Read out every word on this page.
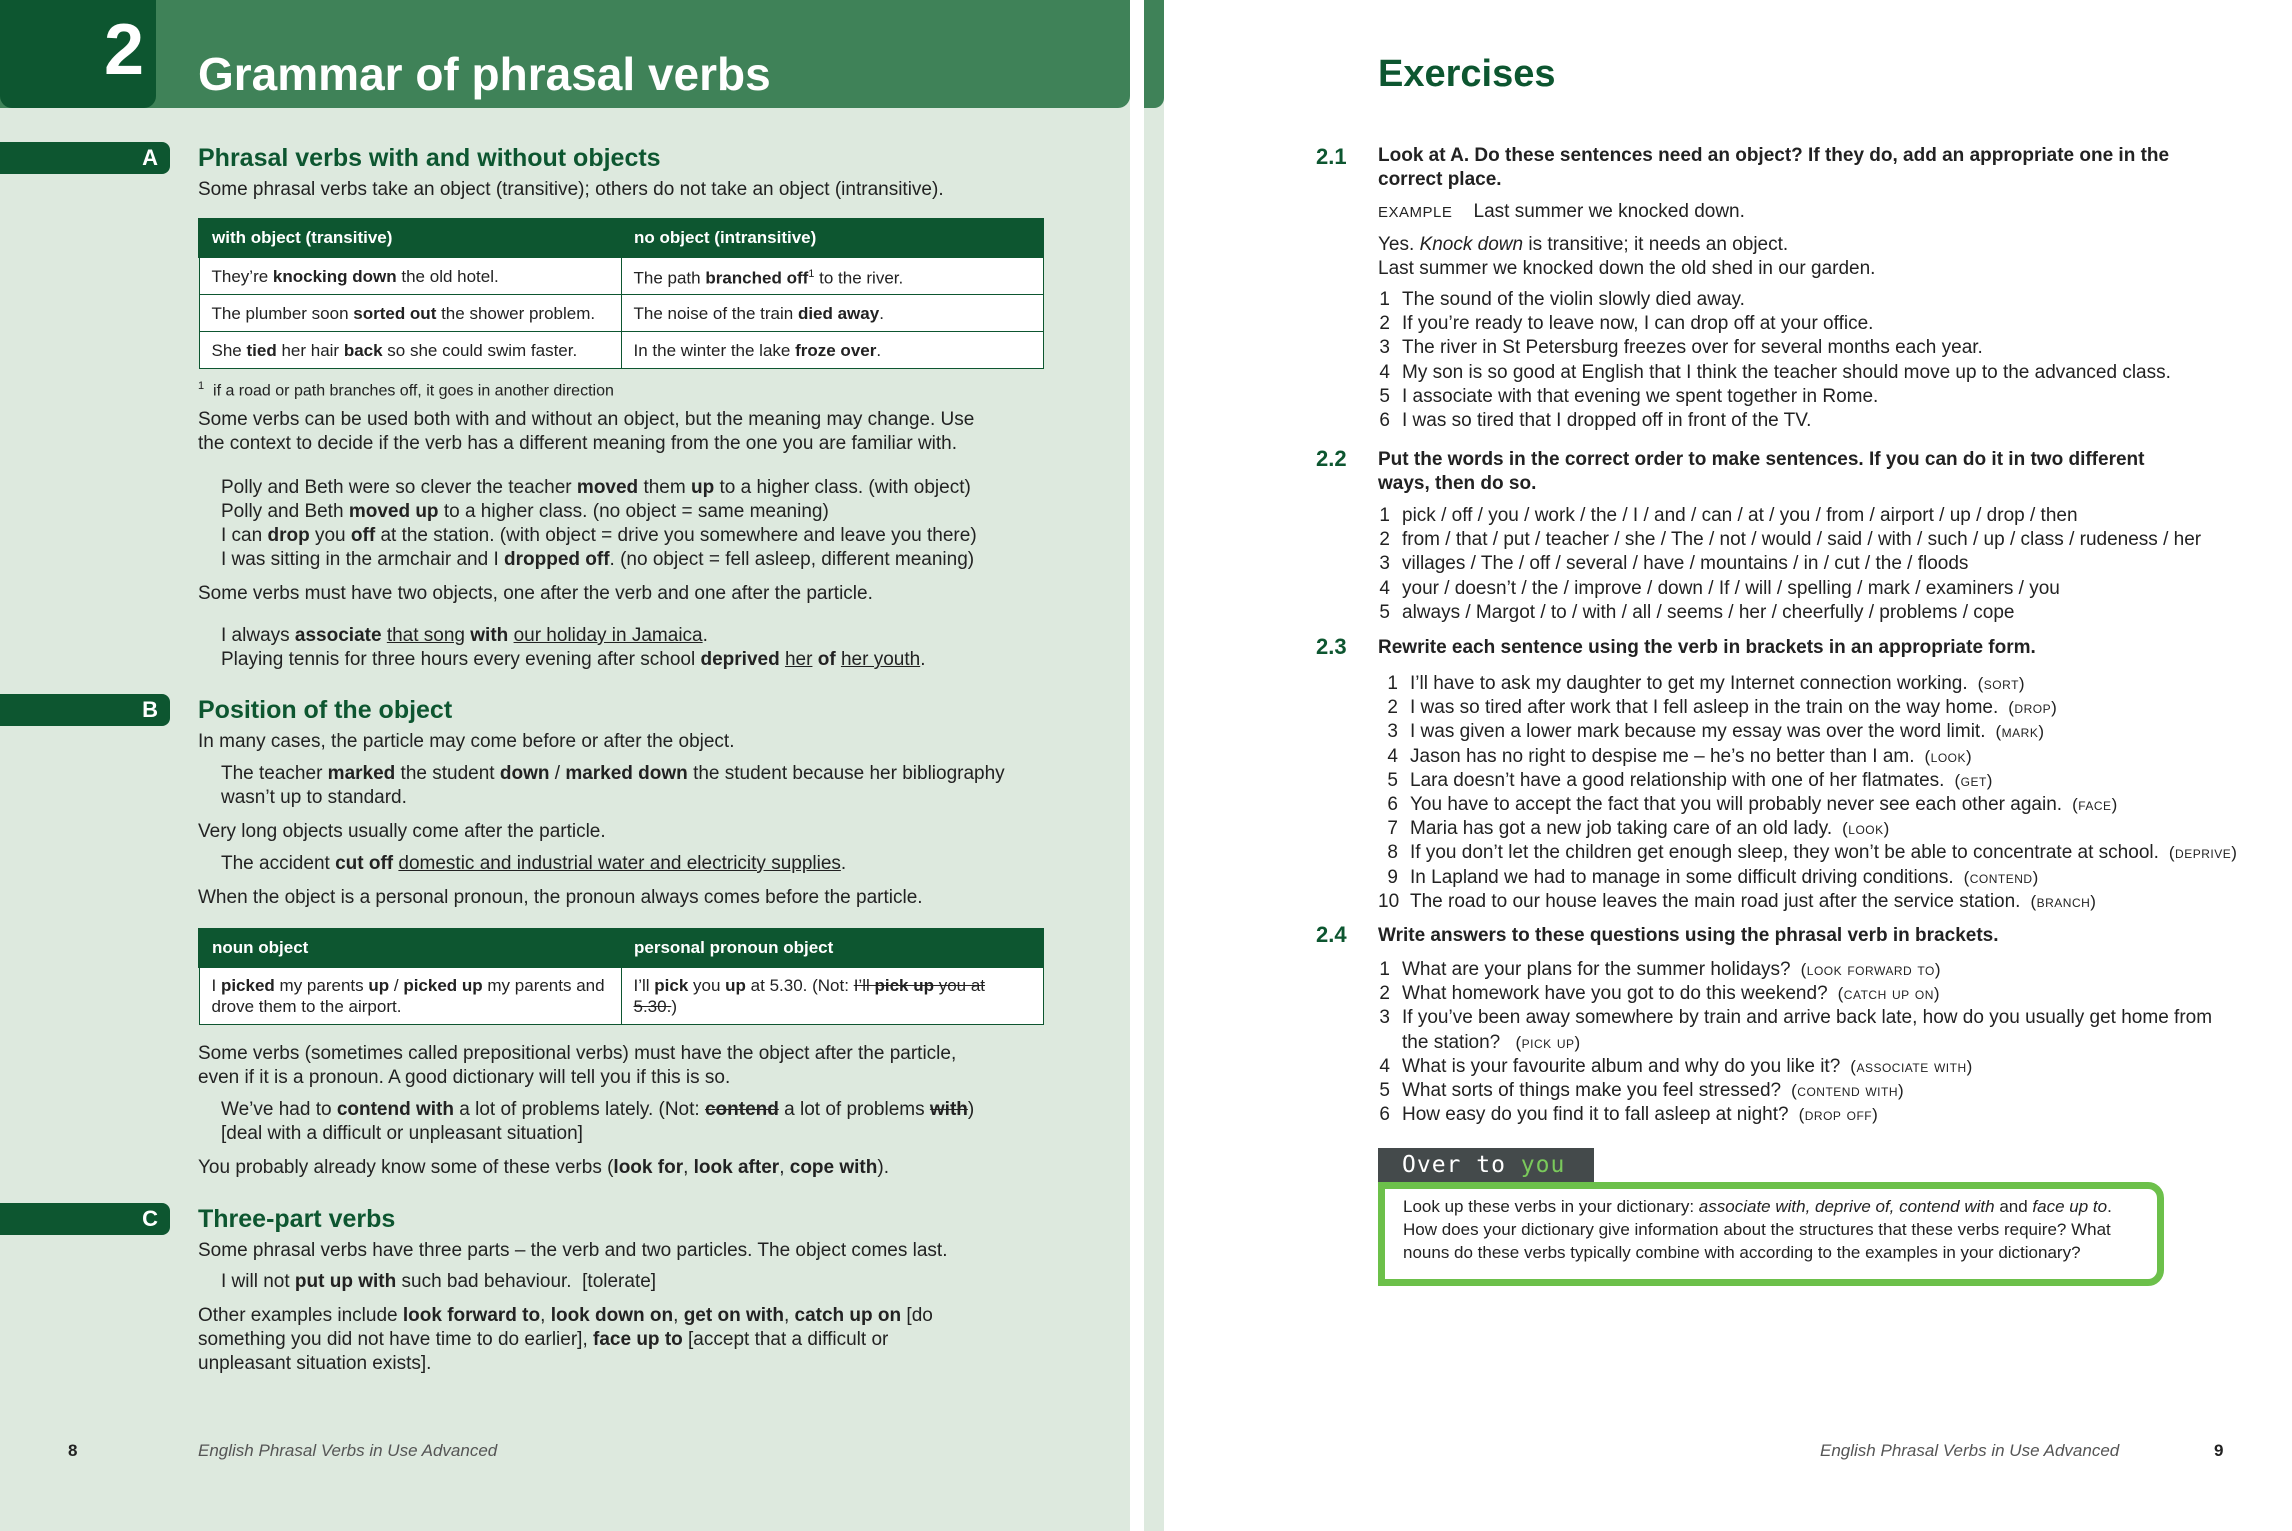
2 Grammar of phrasal verbs
A	Phrasal verbs with and without objects
Some phrasal verbs take an object (transitive); others do not take an object (intransitive).
with object (transitive)	no object (intransitive)
They’re knocking down the old hotel.	The path branched off$^1$ to the river.
The plumber soon sorted out the shower problem.	The noise of the train died away.
She tied her hair back so she could swim faster.	In the winter the lake froze over.
$^1$ if a road or path branches off, it goes in another direction
Some verbs can be used both with and without an object, but the meaning may change. Use
the context to decide if the verb has a different meaning from the one you are familiar with.
Polly and Beth were so clever the teacher moved them up to a higher class. (with object)
Polly and Beth moved up to a higher class. (no object = same meaning)
I can drop you off at the station. (with object = drive you somewhere and leave you there)
I was sitting in the armchair and I dropped off. (no object = fell asleep, different meaning)
Some verbs must have two objects, one after the verb and one after the particle.
I always associate that song with our holiday in Jamaica.
Playing tennis for three hours every evening after school deprived her of her youth.
B	Position of the object
In many cases, the particle may come before or after the object.
The teacher marked the student down / marked down the student because her bibliography
wasn’t up to standard.
Very long objects usually come after the particle.
The accident cut off domestic and industrial water and electricity supplies.
When the object is a personal pronoun, the pronoun always comes before the particle.
noun object	personal pronoun object
I picked my parents up / picked up my parents and drove them to the airport.	I’ll pick you up at 5.30. (Not: I’ll pick up you at 5.30.)
Some verbs (sometimes called prepositional verbs) must have the object after the particle,
even if it is a pronoun. A good dictionary will tell you if this is so.
We’ve had to contend with a lot of problems lately. (Not: contend a lot of problems with)
[deal with a difficult or unpleasant situation]
You probably already know some of these verbs (look for, look after, cope with).
C	Three-part verbs
Some phrasal verbs have three parts – the verb and two particles. The object comes last.
I will not put up with such bad behaviour.  [tolerate]
Other examples include look forward to, look down on, get on with, catch up on [do
something you did not have time to do earlier], face up to [accept that a difficult or
unpleasant situation exists].
8	English Phrasal Verbs in Use Advanced
Exercises
2.1 Look at A. Do these sentences need an object? If they do, add an appropriate one in the
correct place.
EXAMPLE Last summer we knocked down.
Yes. Knock down is transitive; it needs an object.
Last summer we knocked down the old shed in our garden.
1 The sound of the violin slowly died away.
2 If you’re ready to leave now, I can drop off at your office.
3 The river in St Petersburg freezes over for several months each year.
4 My son is so good at English that I think the teacher should move up to the advanced class.
5 I associate with that evening we spent together in Rome.
6 I was so tired that I dropped off in front of the TV.
2.2 Put the words in the correct order to make sentences. If you can do it in two different
ways, then do so.
1 pick / off / you / work / the / I / and / can / at / you / from / airport / up / drop / then
2 from / that / put / teacher / she / The / not / would / said / with / such / up / class / rudeness / her
3 villages / The / off / several / have / mountains / in / cut / the / floods
4 your / doesn’t / the / improve / down / If / will / spelling / mark / examiners / you
5 always / Margot / to / with / all / seems / her / cheerfully / problems / cope
2.3 Rewrite each sentence using the verb in brackets in an appropriate form.
1 I’ll have to ask my daughter to get my Internet connection working. (sort)
2 I was so tired after work that I fell asleep in the train on the way home. (drop)
3 I was given a lower mark because my essay was over the word limit. (mark)
4 Jason has no right to despise me – he’s no better than I am. (look)
5 Lara doesn’t have a good relationship with one of her flatmates. (get)
6 You have to accept the fact that you will probably never see each other again. (face)
7 Maria has got a new job taking care of an old lady. (look)
8 If you don’t let the children get enough sleep, they won’t be able to concentrate at school. (deprive)
9 In Lapland we had to manage in some difficult driving conditions. (contend)
10 The road to our house leaves the main road just after the service station. (branch)
2.4 Write answers to these questions using the phrasal verb in brackets.
1 What are your plans for the summer holidays? (look forward to)
2 What homework have you got to do this weekend? (catch up on)
3 If you’ve been away somewhere by train and arrive back late, how do you usually get home from
the station? (pick up)
4 What is your favourite album and why do you like it? (associate with)
5 What sorts of things make you feel stressed? (contend with)
6 How easy do you find it to fall asleep at night? (drop off)
Over to you
Look up these verbs in your dictionary: associate with, deprive of, contend with and face up to.
How does your dictionary give information about the structures that these verbs require? What
nouns do these verbs typically combine with according to the examples in your dictionary?
English Phrasal Verbs in Use Advanced	9
